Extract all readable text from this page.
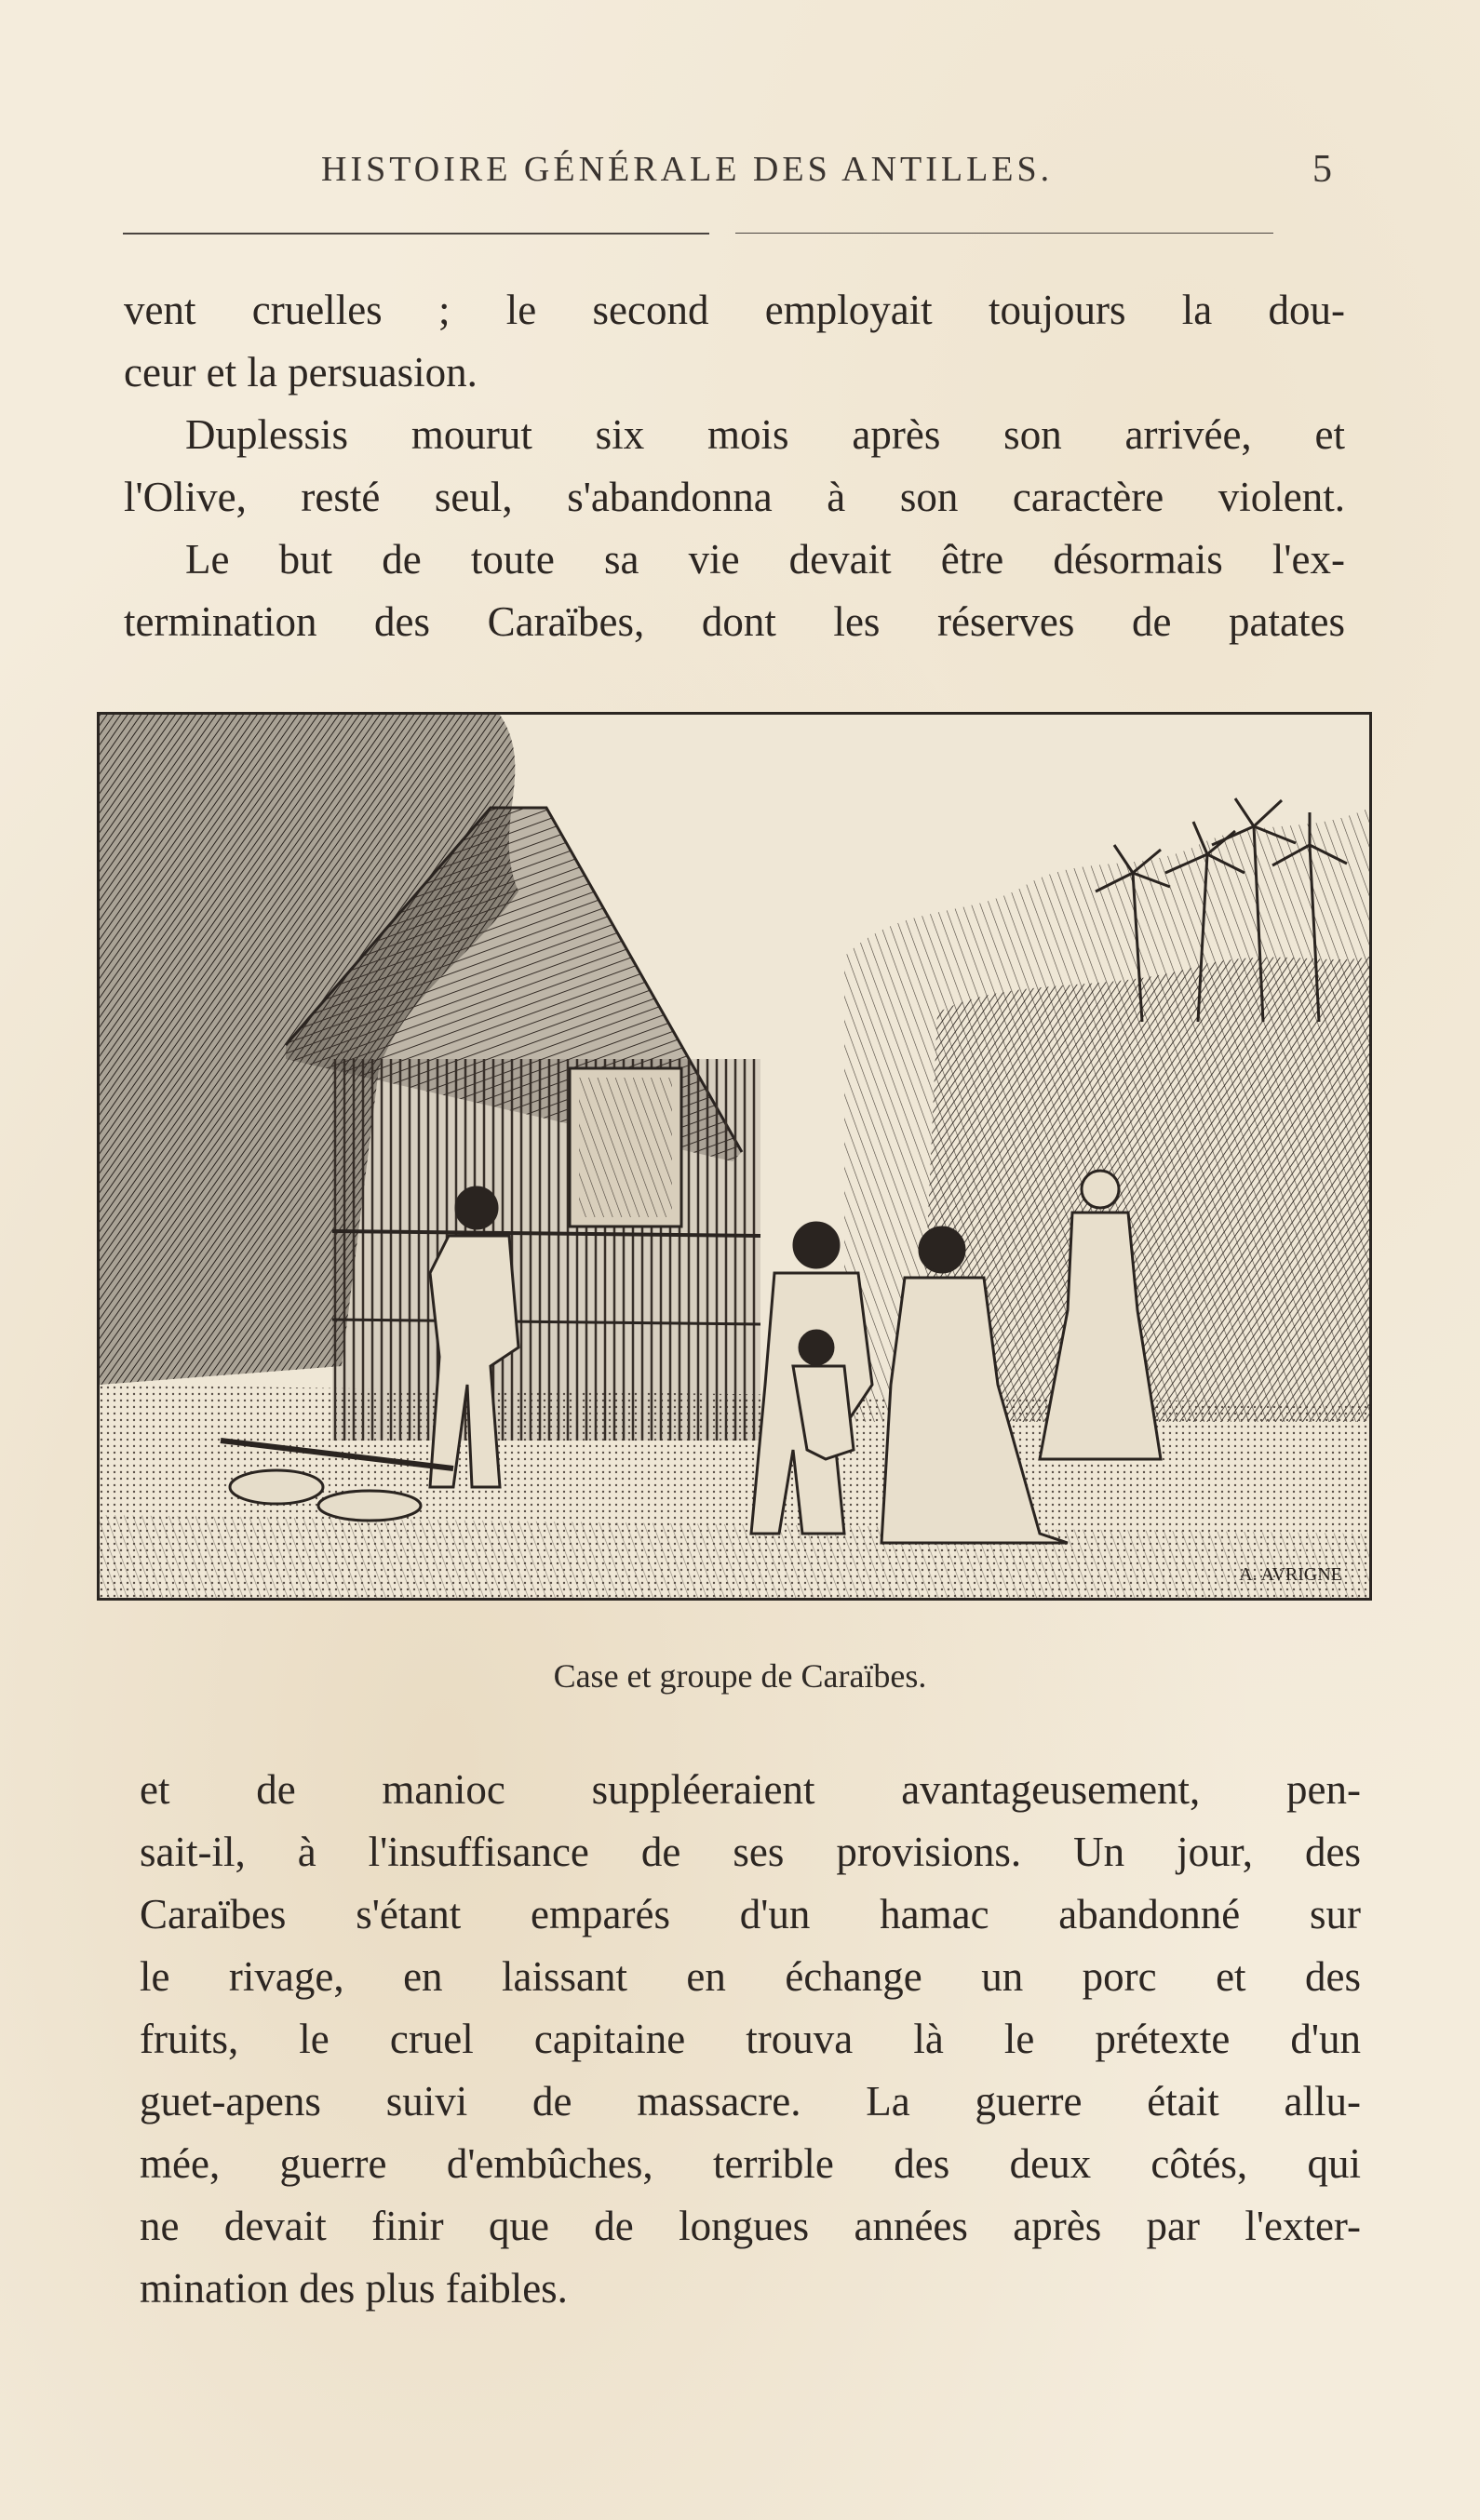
HISTOIRE GÉNÉRALE DES ANTILLES.	5
vent cruelles ; le second employait toujours la dou-
ceur et la persuasion.
Duplessis mourut six mois après son arrivée, et
l'Olive, resté seul, s'abandonna à son caractère violent.
Le but de toute sa vie devait être désormais l'ex-
termination des Caraïbes, dont les réserves de patates
A. AVRIGNE
Case et groupe de Caraïbes.
et de manioc suppléeraient avantageusement, pen-
sait-il, à l'insuffisance de ses provisions. Un jour, des
Caraïbes s'étant emparés d'un hamac abandonné sur
le rivage, en laissant en échange un porc et des
fruits, le cruel capitaine trouva là le prétexte d'un
guet-apens suivi de massacre. La guerre était allu-
mée, guerre d'embûches, terrible des deux côtés, qui
ne devait finir que de longues années après par l'exter-
mination des plus faibles.
